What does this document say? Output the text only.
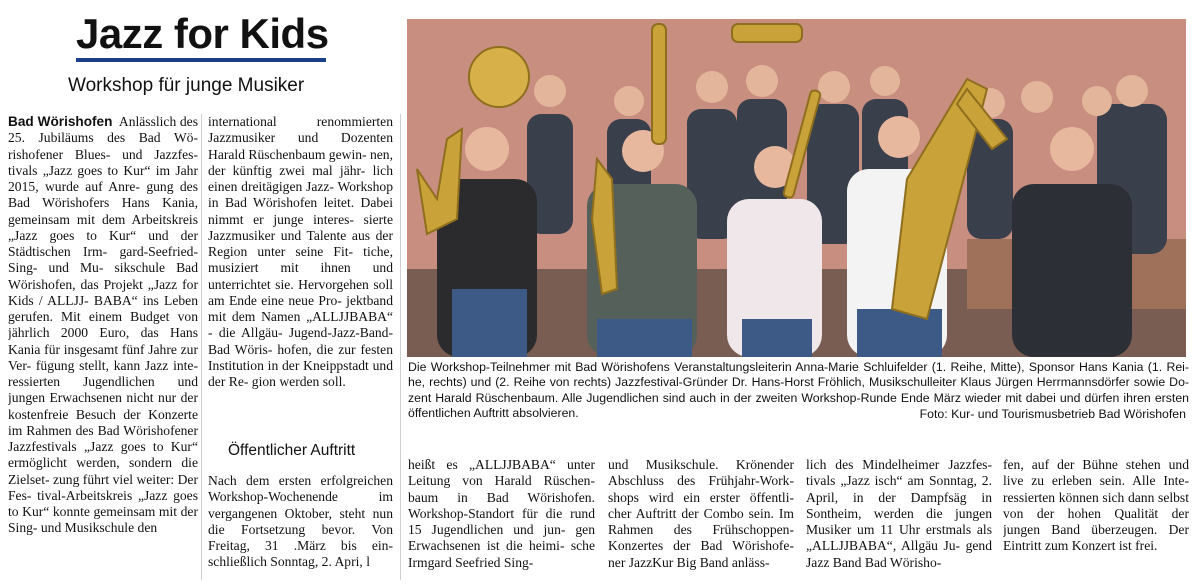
Jazz for Kids
Workshop für junge Musiker
Die Workshop-Teilnehmer mit Bad Wörishofens Veranstaltungsleiterin Anna-Marie Schluifelder (1. Reihe, Mitte), Sponsor Hans Kania (1. Rei- he, rechts) und (2. Reihe von rechts) Jazzfestival-Gründer Dr. Hans-Horst Fröhlich, Musikschulleiter Klaus Jürgen Herrmannsdörfer sowie Do- zent Harald Rüschenbaum. Alle Jugendlichen sind auch in der zweiten Workshop-Runde Ende März wieder mit dabei und dürfen ihren ersten öffentlichen Auftritt absolvieren.	Foto: Kur- und Tourismusbetrieb Bad Wörishofen

Bad Wörishofen Anlässlich des 25. Jubiläums des Bad Wö- rishofener Blues- und Jazzfes- tivals „Jazz goes to Kur“ im Jahr 2015, wurde auf Anre- gung des Bad Wörishofers Hans Kania, gemeinsam mit dem Arbeitskreis „Jazz goes to Kur“ und der Städtischen Irm- gard-Seefried-Sing- und Mu- sikschule Bad Wörishofen, das Projekt „Jazz for Kids / ALLJJ- BABA“ ins Leben gerufen. Mit einem Budget von jährlich 2000 Euro, das Hans Kania für insgesamt fünf Jahre zur Ver- fügung stellt, kann Jazz inte- ressierten Jugendlichen und jungen Erwachsenen nicht nur der kostenfreie Besuch der Konzerte im Rahmen des Bad Wörishofener Jazzfestivals „Jazz goes to Kur“ ermöglicht werden, sondern die Zielset- zung führt viel weiter: Der Fes- tival-Arbeitskreis „Jazz goes to Kur“ konnte gemeinsam mit der Sing- und Musikschule den

international renommierten Jazzmusiker und Dozenten Harald Rüschenbaum gewin- nen, der künftig zwei mal jähr- lich einen dreitägigen Jazz- Workshop in Bad Wörishofen leitet. Dabei nimmt er junge interes- sierte Jazzmusiker und Talente aus der Region unter seine Fit- tiche, musiziert mit ihnen und unterrichtet sie. Hervorgehen soll am Ende eine neue Pro- jektband mit dem Namen „ALLJJBABA“ - die Allgäu- Jugend-Jazz-Band-Bad Wöris- hofen, die zur festen Institution in der Kneippstadt und der Re- gion werden soll.

Öffentlicher Auftritt

Nach dem ersten erfolgreichen Workshop-Wochenende im vergangenen Oktober, steht nun die Fortsetzung bevor. Von Freitag, 31 .März bis ein- schließlich Sonntag, 2. Apri, l

heißt es „ALLJJBABA“ unter Leitung von Harald Rüschen- baum in Bad Wörishofen. Workshop-Standort für die rund 15 Jugendlichen und jun- gen Erwachsenen ist die heimi- sche Irmgard Seefried Sing-

und Musikschule. Krönender Abschluss des Frühjahr-Work- shops wird ein erster öffentli- cher Auftritt der Combo sein. Im Rahmen des Frühschoppen- Konzertes der Bad Wörishofe- ner JazzKur Big Band anläss-

lich des Mindelheimer Jazzfes- tivals „Jazz isch“ am Sonntag, 2. April, in der Dampfsäg in Sontheim, werden die jungen Musiker um 11 Uhr erstmals als „ALLJJBABA“, Allgäu Ju- gend Jazz Band Bad Wörisho-

fen, auf der Bühne stehen und live zu erleben sein. Alle Inte- ressierten können sich dann selbst von der hohen Qualität der jungen Band überzeugen. Der Eintritt zum Konzert ist frei.
